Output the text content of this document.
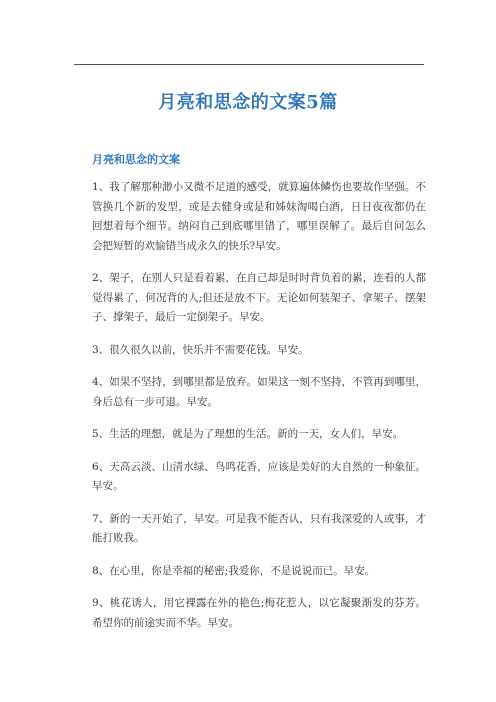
月亮和思念的文案5篇
月亮和思念的文案

1、我了解那种渺小又微不足道的感受，就算遍体鳞伤也要故作坚强。不管换几个新的发型，或是去健身或是和姊妹淘喝白酒，日日夜夜都仍在回想着每个细节。纳闷自己到底哪里错了，哪里误解了。最后自问怎么会把短暂的欢愉错当成永久的快乐?早安。

2、架子，在别人只是看着累，在自己却是时时背负着的累，连看的人都觉得累了，何况背的人;但还是放不下。无论如何装架子、拿架子、摆架子、撑架子，最后一定倒架子。早安。

3、很久很久以前，快乐并不需要花钱。早安。

4、如果不坚持，到哪里都是放弃。如果这一刻不坚持，不管再到哪里，身后总有一步可退。早安。

5、生活的理想，就是为了理想的生活。新的一天，女人们，早安。

6、天高云淡、山清水绿、鸟鸣花香，应该是美好的大自然的一种象征。早安。

7、新的一天开始了，早安。可是我不能否认，只有我深爱的人或事，才能打败我。

8、在心里，你是幸福的秘密;我爱你，不是说说而已。早安。

9、桃花诱人，用它裸露在外的艳色;梅花惹人，以它凝聚渐发的芬芳。希望你的前途实而不华。早安。
